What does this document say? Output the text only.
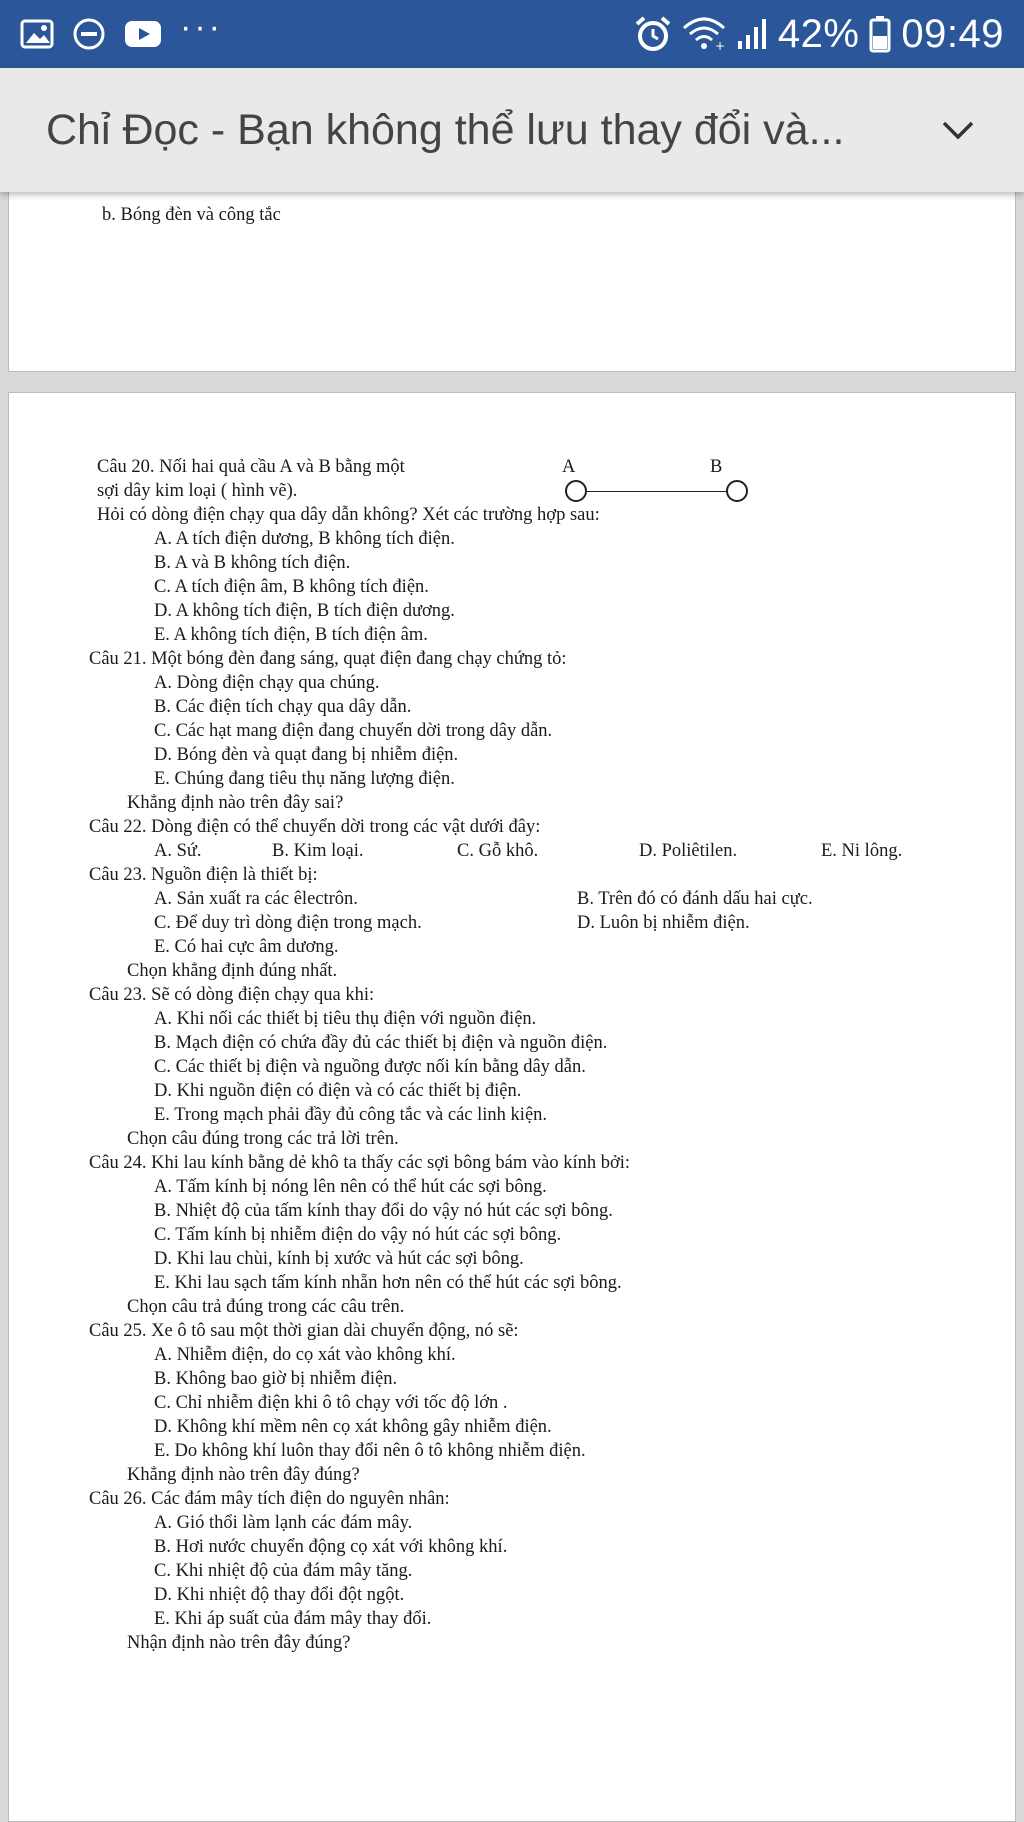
···
+ 42% 09:49
Chỉ Đọc - Bạn không thể lưu thay đổi và...
b. Bóng đèn và công tắc
A	B
Câu 20. Nối hai quả cầu A và B bằng một
sợi dây kim loại ( hình vẽ).
Hỏi có dòng điện chạy qua dây dẫn không? Xét các trường hợp sau:
A. A tích điện dương, B không tích điện.
B. A và B không tích điện.
C. A tích điện âm, B không tích điện.
D. A không tích điện, B tích điện dương.
E. A không tích điện, B tích điện âm.
Câu 21. Một bóng đèn đang sáng, quạt điện đang chạy chứng tỏ:
A. Dòng điện chạy qua chúng.
B. Các điện tích chạy qua dây dẫn.
C. Các hạt mang điện đang chuyển dời trong dây dẫn.
D. Bóng đèn và quạt đang bị nhiễm điện.
E. Chúng đang tiêu thụ năng lượng điện.
Khẳng định nào trên đây sai?
Câu 22. Dòng điện có thể chuyển dời trong các vật dưới đây:
A. Sứ.	B. Kim loại.	C. Gỗ khô.	D. Poliêtilen.	E. Ni lông.
Câu 23. Nguồn điện là thiết bị:
A. Sản xuất ra các êlectrôn.	B. Trên đó có đánh dấu hai cực.
C. Để duy trì dòng điện trong mạch.	D. Luôn bị nhiễm điện.
E. Có hai cực âm dương.
Chọn khẳng định đúng nhất.
Câu 23. Sẽ có dòng điện chạy qua khi:
A. Khi nối các thiết bị tiêu thụ điện với nguồn điện.
B. Mạch điện có chứa đầy đủ các thiết bị điện và nguồn điện.
C. Các thiết bị điện và nguồng được nối kín bằng dây dẫn.
D. Khi nguồn điện có điện và có các thiết bị điện.
E. Trong mạch phải đầy đủ công tắc và các linh kiện.
Chọn câu đúng trong các trả lời trên.
Câu 24. Khi lau kính bằng dẻ khô ta thấy các sợi bông bám vào kính bởi:
A. Tấm kính bị nóng lên nên có thể hút các sợi bông.
B. Nhiệt độ của tấm kính thay đổi do vậy nó hút các sợi bông.
C. Tấm kính bị nhiễm điện do vậy nó hút các sợi bông.
D. Khi lau chùi, kính bị xước và hút các sợi bông.
E. Khi lau sạch tấm kính nhẵn hơn nên có thể hút các sợi bông.
Chọn câu trả đúng trong các câu trên.
Câu 25. Xe ô tô sau một thời gian dài chuyển động, nó sẽ:
A. Nhiễm điện, do cọ xát vào không khí.
B. Không bao giờ bị nhiễm điện.
C. Chỉ nhiễm điện khi ô tô chạy với tốc độ lớn .
D. Không khí mềm nên cọ xát không gây nhiễm điện.
E. Do không khí luôn thay đổi nên ô tô không nhiễm điện.
Khẳng định nào trên đây đúng?
Câu 26. Các đám mây tích điện do nguyên nhân:
A. Gió thổi làm lạnh các đám mây.
B. Hơi nước chuyển động cọ xát với không khí.
C. Khi nhiệt độ của đám mây tăng.
D. Khi nhiệt độ thay đổi đột ngột.
E. Khi áp suất của đám mây thay đổi.
Nhận định nào trên đây đúng?
